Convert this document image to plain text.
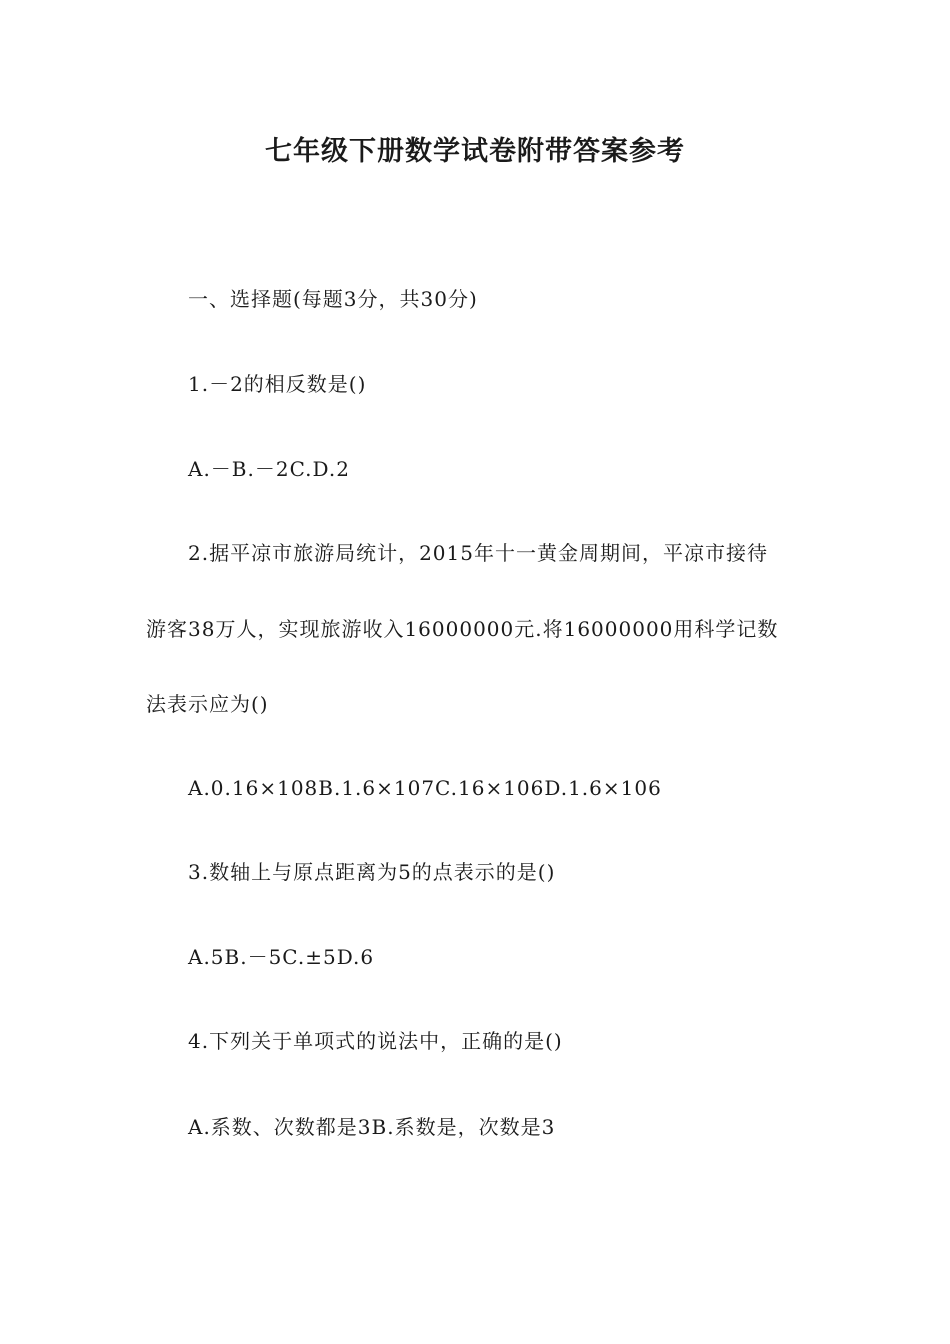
七年级下册数学试卷附带答案参考
一、选择题(每题3分，共30分)
1.－2的相反数是()
A.－B.－2C.D.2
2.据平凉市旅游局统计，2015年十一黄金周期间，平凉市接待
游客38万人，实现旅游收入16000000元.将16000000用科学记数
法表示应为()
A.0.16×108B.1.6×107C.16×106D.1.6×106
3.数轴上与原点距离为5的点表示的是()
A.5B.－5C.±5D.6
4.下列关于单项式的说法中，正确的是()
A.系数、次数都是3B.系数是，次数是3
